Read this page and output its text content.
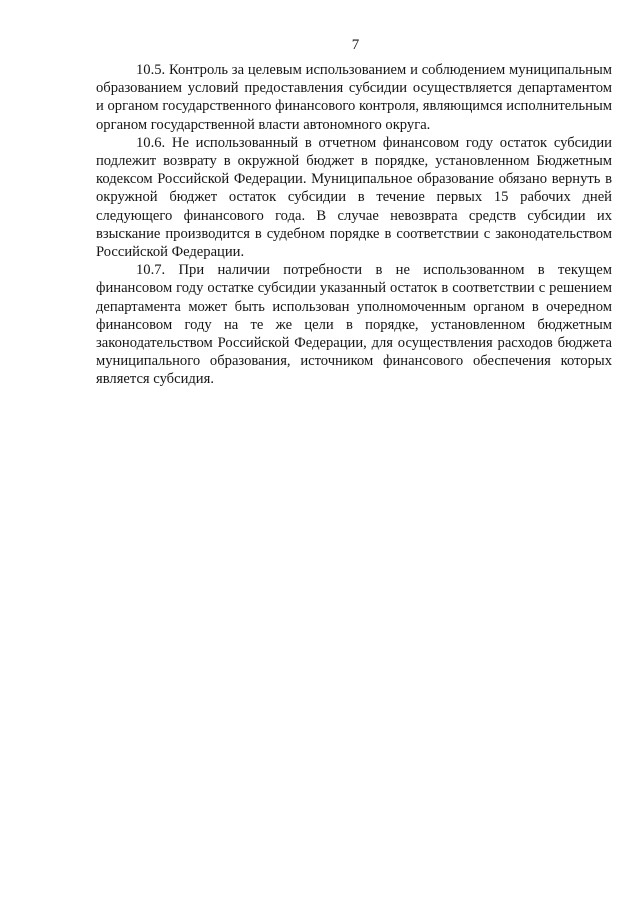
7

10.5. Контроль за целевым использованием и соблюдением муниципальным образованием условий предоставления субсидии осуществляется департаментом и органом государственного финансового контроля, являющимся исполнительным органом государственной власти автономного округа.

10.6. Не использованный в отчетном финансовом году остаток субсидии подлежит возврату в окружной бюджет в порядке, установленном Бюджетным кодексом Российской Федерации. Муниципальное образование обязано вернуть в окружной бюджет остаток субсидии в течение первых 15 рабочих дней следующего финансового года. В случае невозврата средств субсидии их взыскание производится в судебном порядке в соответствии с законодательством Российской Федерации.

10.7. При наличии потребности в не использованном в текущем финансовом году остатке субсидии указанный остаток в соответствии с решением департамента может быть использован уполномоченным органом в очередном финансовом году на те же цели в порядке, установленном бюджетным законодательством Российской Федерации, для осуществления расходов бюджета муниципального образования, источником финансового обеспечения которых является субсидия.
